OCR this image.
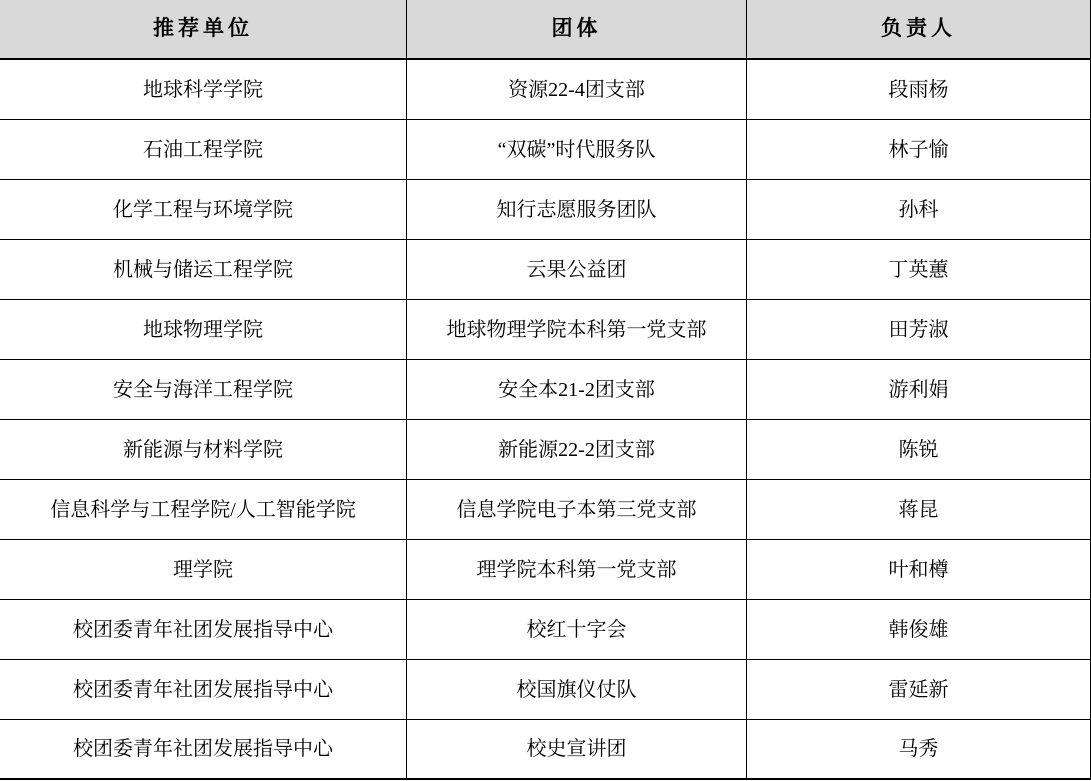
推荐单位	团体	负责人
地球科学学院	资源22-4团支部	段雨杨
石油工程学院	“双碳”时代服务队	林子愉
化学工程与环境学院	知行志愿服务团队	孙科
机械与储运工程学院	云果公益团	丁英蕙
地球物理学院	地球物理学院本科第一党支部	田芳淑
安全与海洋工程学院	安全本21-2团支部	游利娟
新能源与材料学院	新能源22-2团支部	陈锐
信息科学与工程学院/人工智能学院	信息学院电子本第三党支部	蒋昆
理学院	理学院本科第一党支部	叶和樽
校团委青年社团发展指导中心	校红十字会	韩俊雄
校团委青年社团发展指导中心	校国旗仪仗队	雷延新
校团委青年社团发展指导中心	校史宣讲团	马秀
